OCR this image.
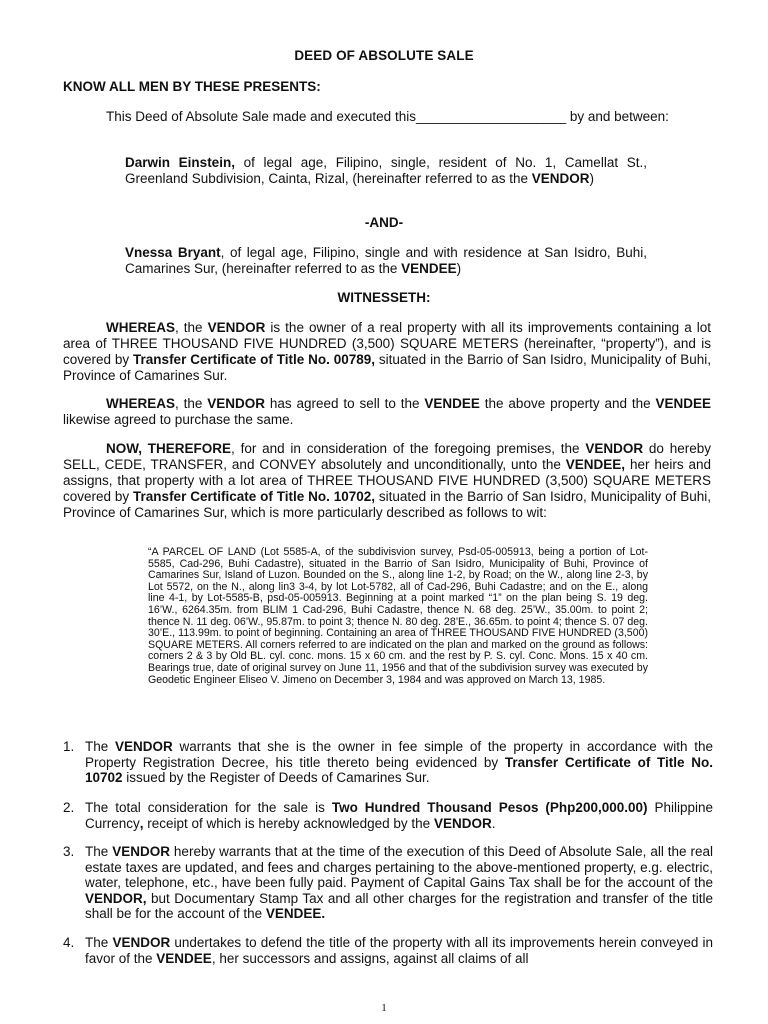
DEED OF ABSOLUTE SALE
KNOW ALL MEN BY THESE PRESENTS:
This Deed of Absolute Sale made and executed this____________________ by and between:
Darwin Einstein, of legal age, Filipino, single, resident of No. 1, Camellat St., Greenland Subdivision, Cainta, Rizal, (hereinafter referred to as the VENDOR)
-AND-
Vnessa Bryant, of legal age, Filipino, single and with residence at San Isidro, Buhi, Camarines Sur, (hereinafter referred to as the VENDEE)
WITNESSETH:
WHEREAS, the VENDOR is the owner of a real property with all its improvements containing a lot area of THREE THOUSAND FIVE HUNDRED (3,500) SQUARE METERS (hereinafter, “property”), and is covered by Transfer Certificate of Title No. 00789, situated in the Barrio of San Isidro, Municipality of Buhi, Province of Camarines Sur.
WHEREAS, the VENDOR has agreed to sell to the VENDEE the above property and the VENDEE likewise agreed to purchase the same.
NOW, THEREFORE, for and in consideration of the foregoing premises, the VENDOR do hereby SELL, CEDE, TRANSFER, and CONVEY absolutely and unconditionally, unto the VENDEE, her heirs and assigns, that property with a lot area of THREE THOUSAND FIVE HUNDRED (3,500) SQUARE METERS covered by Transfer Certificate of Title No. 10702, situated in the Barrio of San Isidro, Municipality of Buhi, Province of Camarines Sur, which is more particularly described as follows to wit:
“A PARCEL OF LAND (Lot 5585-A, of the subdivisvion survey, Psd-05-005913, being a portion of Lot-5585, Cad-296, Buhi Cadastre), situated in the Barrio of San Isidro, Municipality of Buhi, Province of Camarines Sur, Island of Luzon. Bounded on the S., along line 1-2, by Road; on the W., along line 2-3, by Lot 5572, on the N., along lin3 3-4, by lot Lot-5782, all of Cad-296, Buhi Cadastre; and on the E., along line 4-1, by Lot-5585-B, psd-05-005913. Beginning at a point marked “1” on the plan being S. 19 deg. 16’W., 6264.35m. from BLIM 1 Cad-296, Buhi Cadastre, thence N. 68 deg. 25’W., 35.00m. to point 2; thence N. 11 deg. 06’W., 95.87m. to point 3; thence N. 80 deg. 28’E., 36.65m. to point 4; thence S. 07 deg. 30’E., 113.99m. to point of beginning. Containing an area of THREE THOUSAND FIVE HUNDRED (3,500) SQUARE METERS. All corners referred to are indicated on the plan and marked on the ground as follows: corners 2 & 3 by Old BL. cyl. conc. mons. 15 x 60 cm. and the rest by P. S. cyl. Conc. Mons. 15 x 40 cm. Bearings true, date of original survey on June 11, 1956 and that of the subdivision survey was executed by Geodetic Engineer Eliseo V. Jimeno on December 3, 1984 and was approved on March 13, 1985.
1. The VENDOR warrants that she is the owner in fee simple of the property in accordance with the Property Registration Decree, his title thereto being evidenced by Transfer Certificate of Title No. 10702 issued by the Register of Deeds of Camarines Sur.
2. The total consideration for the sale is Two Hundred Thousand Pesos (Php200,000.00) Philippine Currency, receipt of which is hereby acknowledged by the VENDOR.
3. The VENDOR hereby warrants that at the time of the execution of this Deed of Absolute Sale, all the real estate taxes are updated, and fees and charges pertaining to the above-mentioned property, e.g. electric, water, telephone, etc., have been fully paid. Payment of Capital Gains Tax shall be for the account of the VENDOR, but Documentary Stamp Tax and all other charges for the registration and transfer of the title shall be for the account of the VENDEE.
4. The VENDOR undertakes to defend the title of the property with all its improvements herein conveyed in favor of the VENDEE, her successors and assigns, against all claims of all
1
